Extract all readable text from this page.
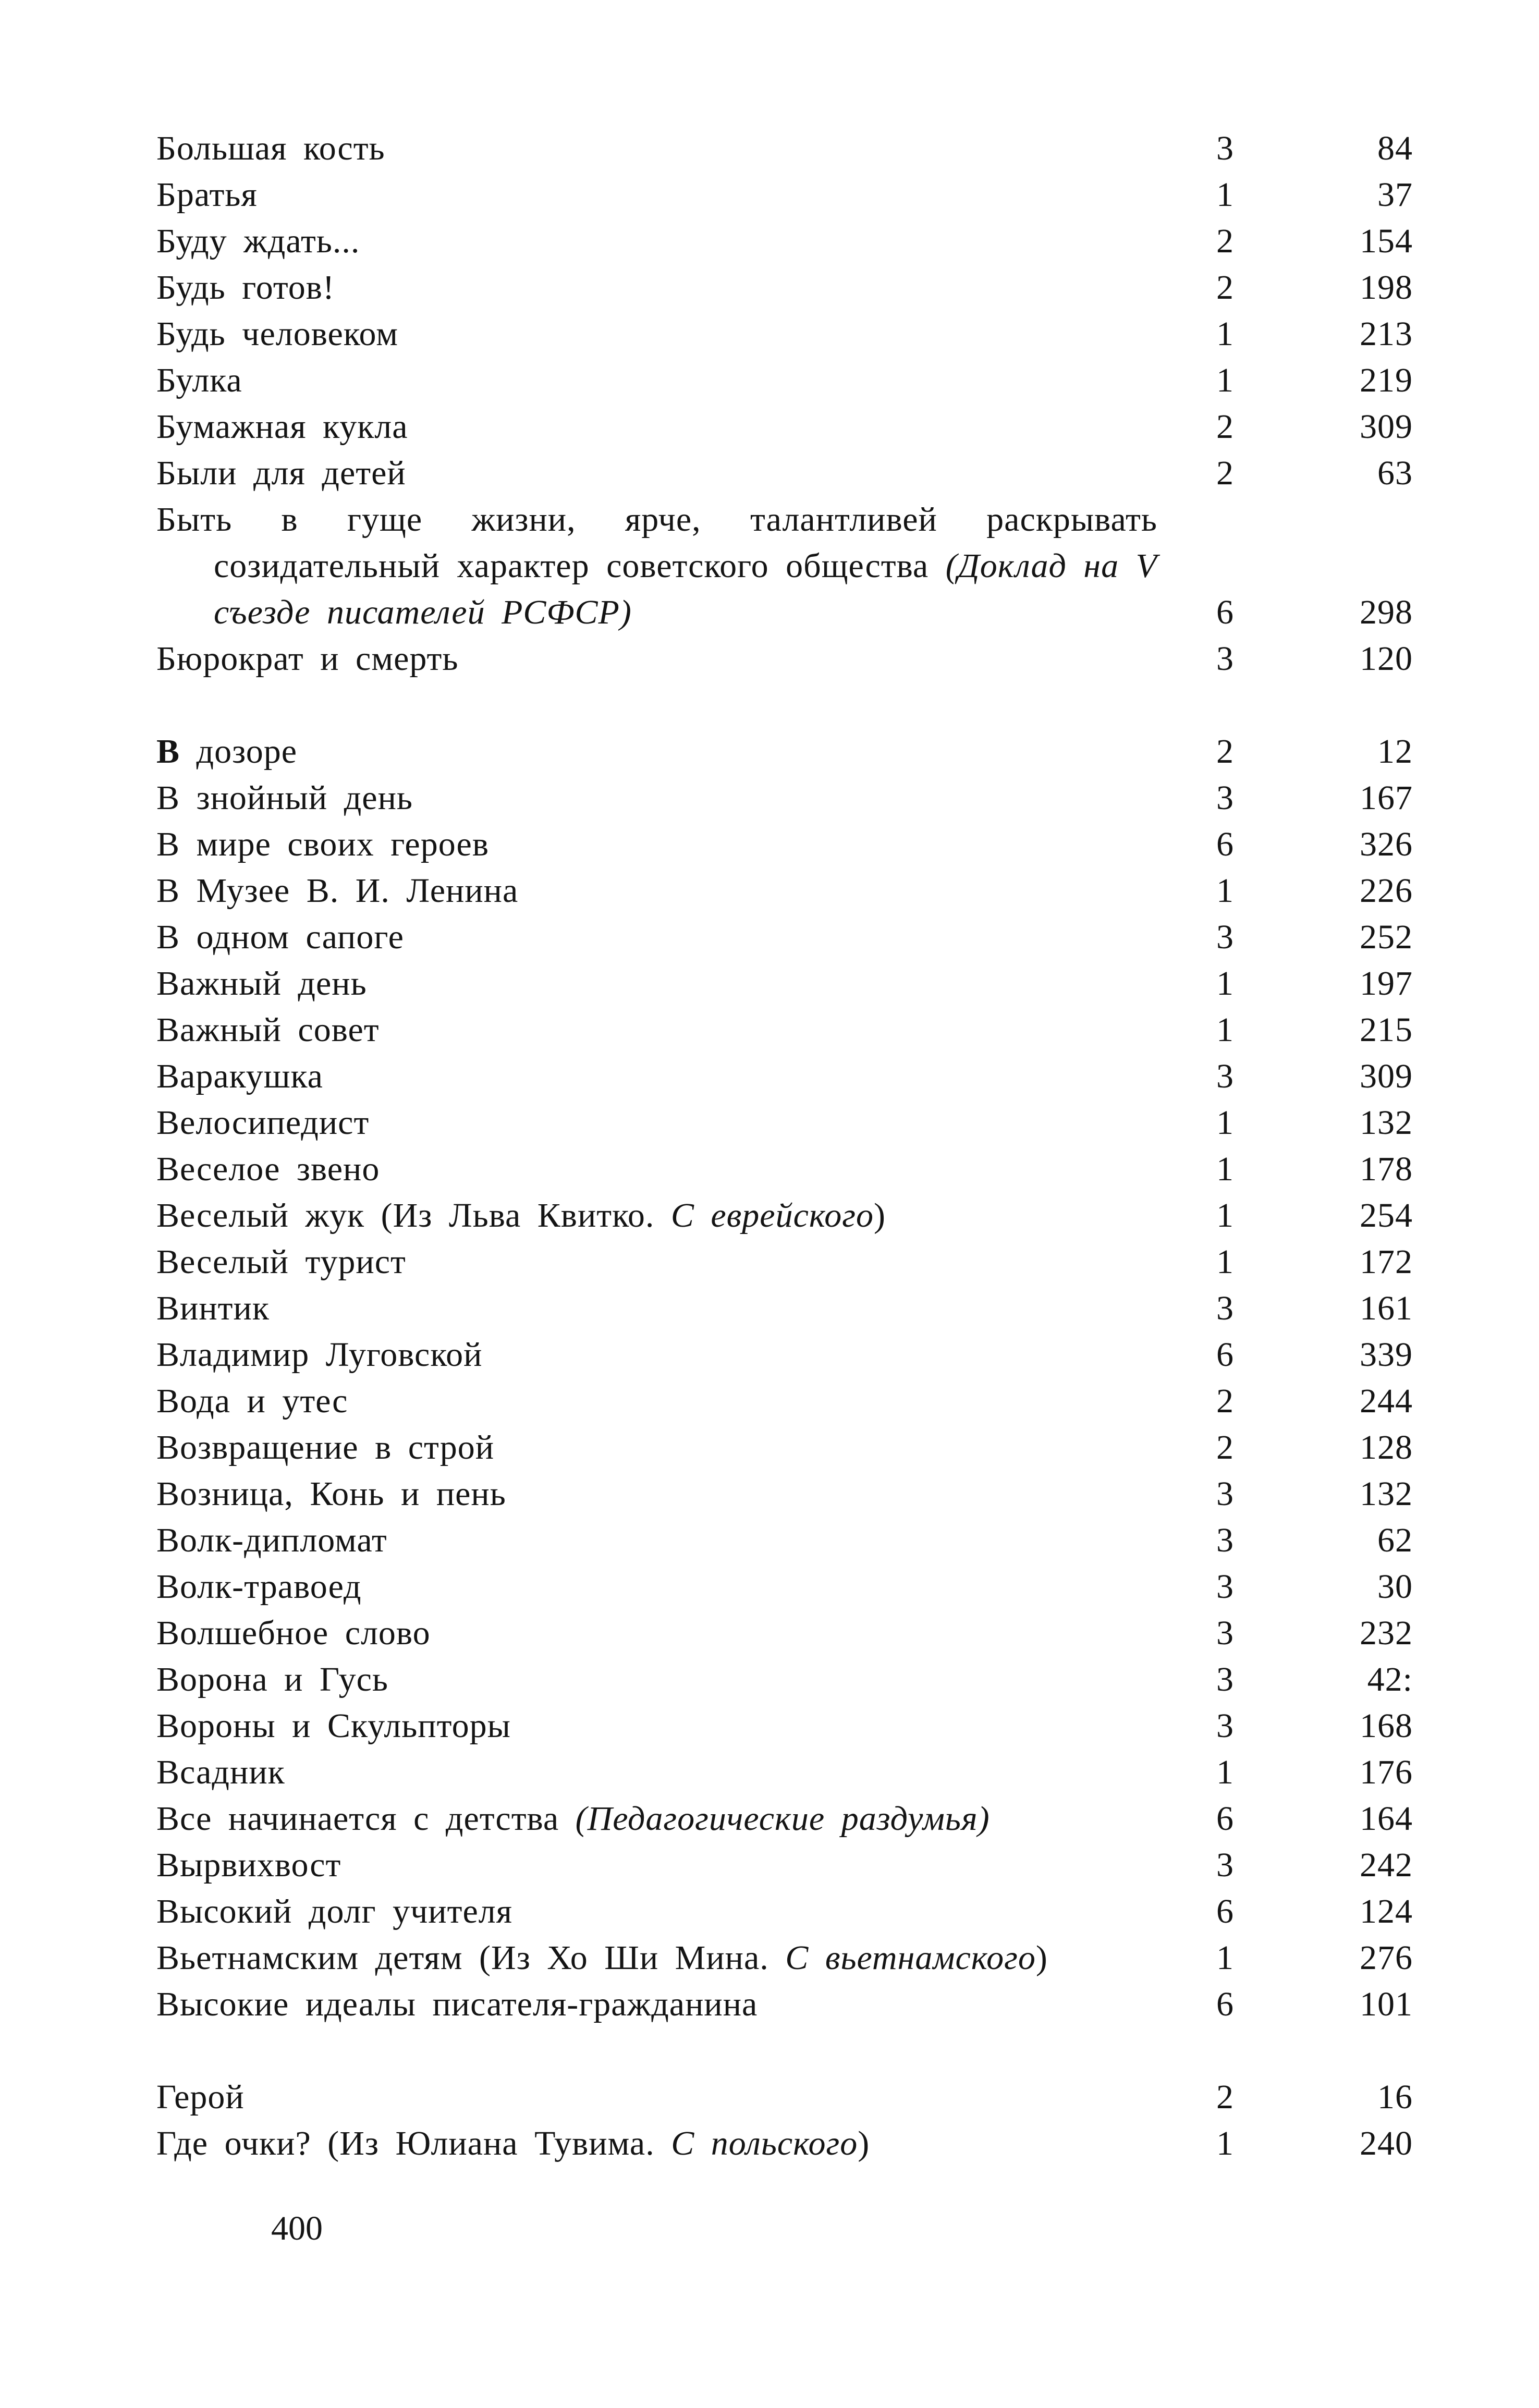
Большая кость	3	84
Братья	1	37
Буду ждать...	2	154
Будь готов!	2	198
Будь человеком	1	213
Булка	1	219
Бумажная кукла	2	309
Были для детей	2	63
Быть в гуще жизни, ярче, талантливей раскрывать созидательный характер советского общества (Доклад на V съезде писателей РСФСР)	6	298
Бюрократ и смерть	3	120
В дозоре	2	12
В знойный день	3	167
В мире своих героев	6	326
В Музее В. И. Ленина	1	226
В одном сапоге	3	252
Важный день	1	197
Важный совет	1	215
Варакушка	3	309
Велосипедист	1	132
Веселое звено	1	178
Веселый жук (Из Льва Квитко. С еврейского)	1	254
Веселый турист	1	172
Винтик	3	161
Владимир Луговской	6	339
Вода и утес	2	244
Возвращение в строй	2	128
Возница, Конь и пень	3	132
Волк-дипломат	3	62
Волк-травоед	3	30
Волшебное слово	3	232
Ворона и Гусь	3	42:
Вороны и Скульпторы	3	168
Всадник	1	176
Все начинается с детства (Педагогические раздумья)	6	164
Вырвихвост	3	242
Высокий долг учителя	6	124
Вьетнамским детям (Из Хо Ши Мина. С вьетнамского)	1	276
Высокие идеалы писателя-гражданина	6	101
Герой	2	16
Где очки? (Из Юлиана Тувима. С польского)	1	240
400
